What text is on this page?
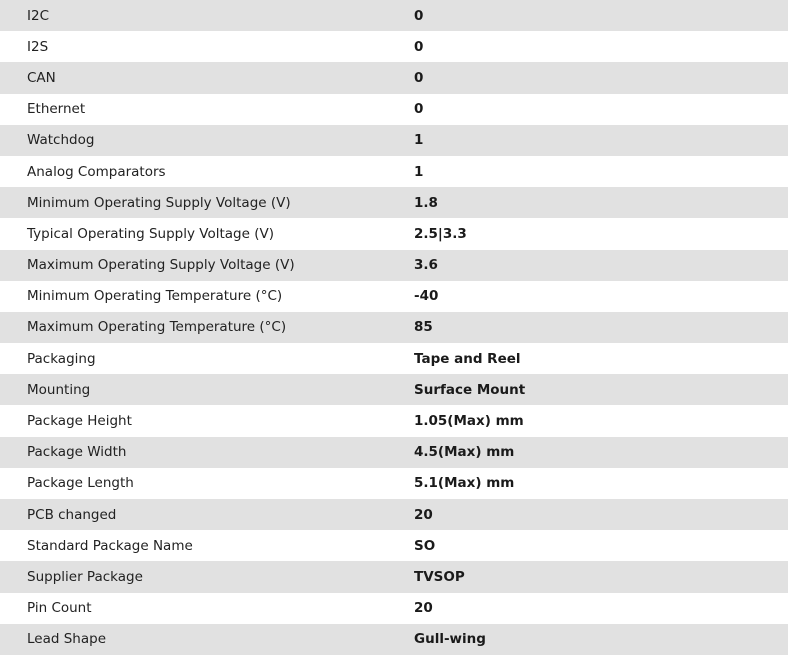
I2C	0
I2S	0
CAN	0
Ethernet	0
Watchdog	1
Analog Comparators	1
Minimum Operating Supply Voltage (V)	1.8
Typical Operating Supply Voltage (V)	2.5|3.3
Maximum Operating Supply Voltage (V)	3.6
Minimum Operating Temperature (°C)	-40
Maximum Operating Temperature (°C)	85
Packaging	Tape and Reel
Mounting	Surface Mount
Package Height	1.05(Max) mm
Package Width	4.5(Max) mm
Package Length	5.1(Max) mm
PCB changed	20
Standard Package Name	SO
Supplier Package	TVSOP
Pin Count	20
Lead Shape	Gull-wing
